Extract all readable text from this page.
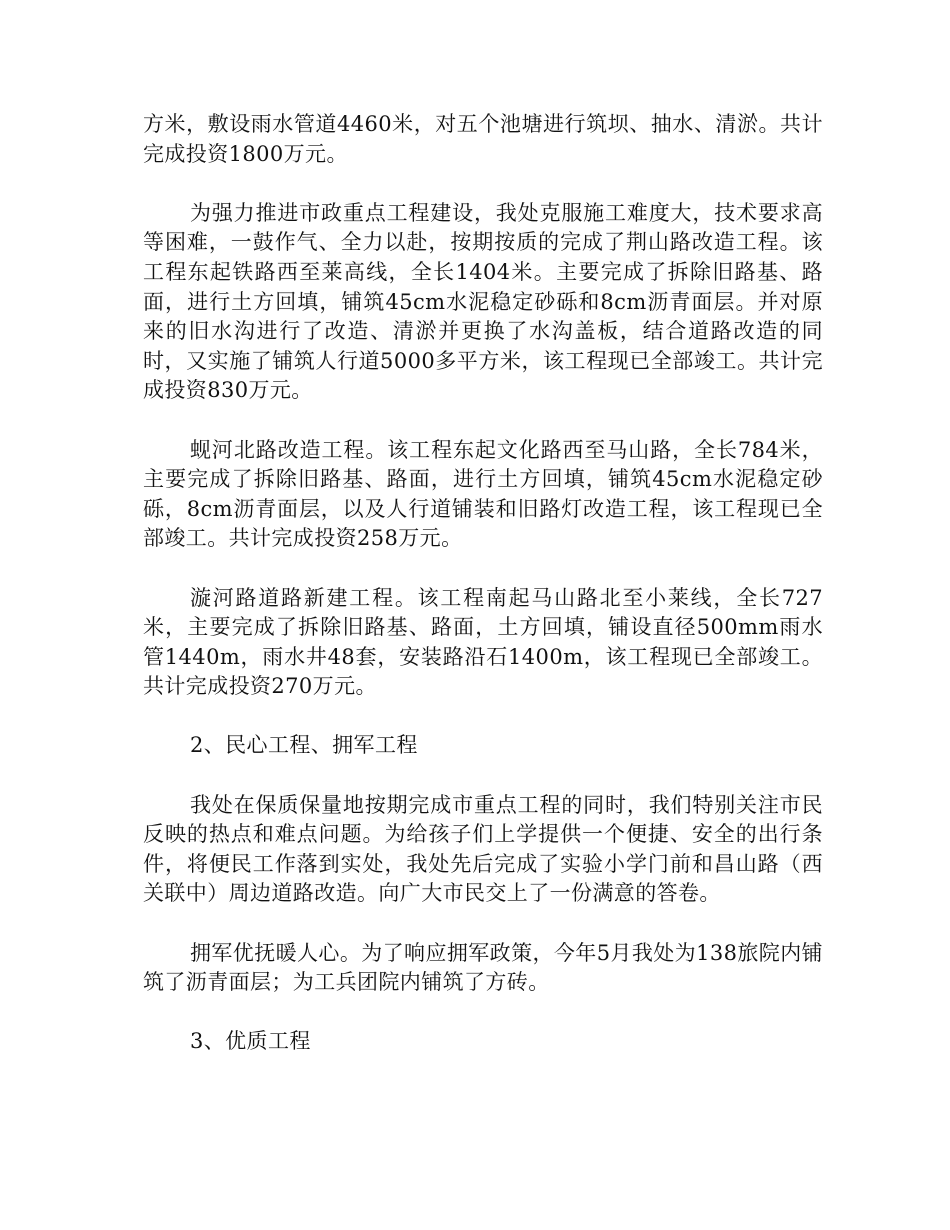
方米，敷设雨水管道4460米，对五个池塘进行筑坝、抽水、清淤。共计完成投资1800万元。

为强力推进市政重点工程建设，我处克服施工难度大，技术要求高等困难，一鼓作气、全力以赴，按期按质的完成了荆山路改造工程。该工程东起铁路西至莱高线，全长1404米。主要完成了拆除旧路基、路面，进行土方回填，铺筑45cm水泥稳定砂砾和8cm沥青面层。并对原来的旧水沟进行了改造、清淤并更换了水沟盖板，结合道路改造的同时，又实施了铺筑人行道5000多平方米，该工程现已全部竣工。共计完成投资830万元。

蚬河北路改造工程。该工程东起文化路西至马山路，全长784米，主要完成了拆除旧路基、路面，进行土方回填，铺筑45cm水泥稳定砂砾，8cm沥青面层，以及人行道铺装和旧路灯改造工程，该工程现已全部竣工。共计完成投资258万元。

漩河路道路新建工程。该工程南起马山路北至小莱线，全长727米，主要完成了拆除旧路基、路面，土方回填，铺设直径500mm雨水管1440m，雨水井48套，安装路沿石1400m，该工程现已全部竣工。共计完成投资270万元。

2、民心工程、拥军工程

我处在保质保量地按期完成市重点工程的同时，我们特别关注市民反映的热点和难点问题。为给孩子们上学提供一个便捷、安全的出行条件，将便民工作落到实处，我处先后完成了实验小学门前和昌山路（西关联中）周边道路改造。向广大市民交上了一份满意的答卷。

拥军优抚暖人心。为了响应拥军政策，今年5月我处为138旅院内铺筑了沥青面层；为工兵团院内铺筑了方砖。

3、优质工程
